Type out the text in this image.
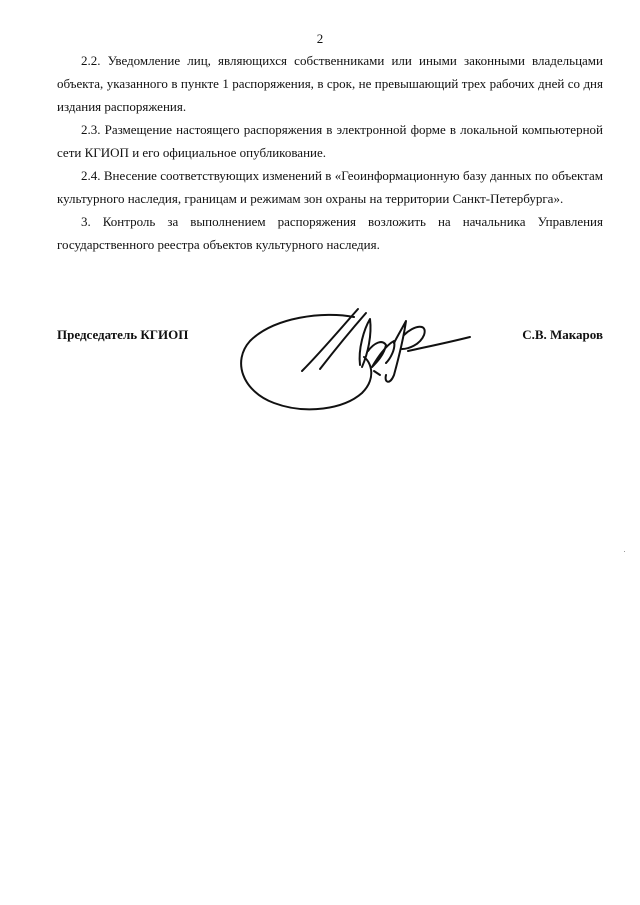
2

2.2. Уведомление лиц, являющихся собственниками или иными законными владельцами объекта, указанного в пункте 1 распоряжения, в срок, не превышающий трех рабочих дней со дня издания распоряжения.

2.3. Размещение настоящего распоряжения в электронной форме в локальной компьютерной сети КГИОП и его официальное опубликование.

2.4. Внесение соответствующих изменений в «Геоинформационную базу данных по объектам культурного наследия, границам и режимам зон охраны на территории Санкт-Петербурга».

3. Контроль за выполнением распоряжения возложить на начальника Управления государственного реестра объектов культурного наследия.

Председатель КГИОП	С.В. Макаров
